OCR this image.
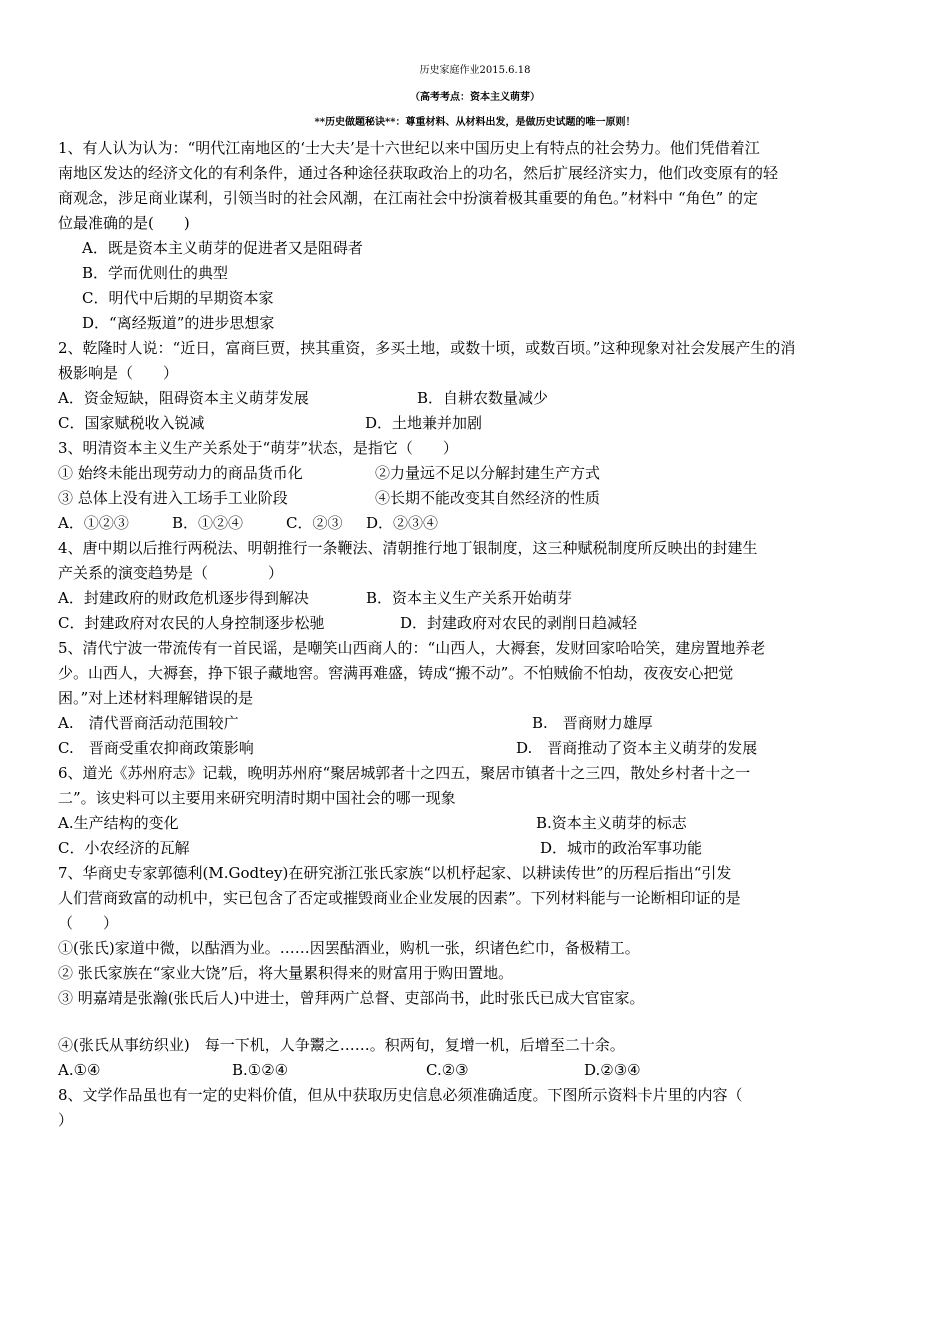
历史家庭作业2015.6.18
（高考考点：资本主义萌芽）
**历史做题秘诀**：尊重材料、从材料出发，是做历史试题的唯一原则！
1、有人认为认为：“明代江南地区的‘士大夫’是十六世纪以来中国历史上有特点的社会势力。他们凭借着江
南地区发达的经济文化的有利条件，通过各种途径获取政治上的功名，然后扩展经济实力，他们改变原有的轻
商观念，涉足商业谋利，引领当时的社会风潮，在江南社会中扮演着极其重要的角色。”材料中 “角色” 的定
位最准确的是(　　)
A．既是资本主义萌芽的促进者又是阻碍者
B．学而优则仕的典型
C．明代中后期的早期资本家
D．“离经叛道”的进步思想家
2、乾隆时人说：“近日，富商巨贾，挟其重资，多买土地，或数十顷，或数百顷。”这种现象对社会发展产生的消
极影响是（　　）
A．资金短缺，阻碍资本主义萌芽发展	B．自耕农数量减少
C．国家赋税收入锐减	D．土地兼并加剧
3、明清资本主义生产关系处于“萌芽”状态，是指它（　　）
① 始终未能出现劳动力的商品货币化	②力量远不足以分解封建生产方式
③ 总体上没有进入工场手工业阶段	④长期不能改变其自然经济的性质
A．①②③	B．①②④	C．②③ D．②③④
4、唐中期以后推行两税法、明朝推行一条鞭法、清朝推行地丁银制度，这三种赋税制度所反映出的封建生
产关系的演变趋势是（　　　　）
A．封建政府的财政危机逐步得到解决	B．资本主义生产关系开始萌芽
C．封建政府对农民的人身控制逐步松驰	D．封建政府对农民的剥削日趋减轻
5、清代宁波一带流传有一首民谣，是嘲笑山西商人的：“山西人，大褥套，发财回家哈哈笑，建房置地养老
少。山西人，大褥套，挣下银子藏地窖。窖满再难盛，铸成“搬不动”。不怕贼偷不怕劫，夜夜安心把觉
困。”对上述材料理解错误的是
A.　清代晋商活动范围较广	B.　晋商财力雄厚
C.　晋商受重农抑商政策影响	D.　晋商推动了资本主义萌芽的发展
6、道光《苏州府志》记载，晚明苏州府“聚居城郭者十之四五，聚居市镇者十之三四，散处乡村者十之一
二”。该史料可以主要用来研究明清时期中国社会的哪一现象
A.生产结构的变化	B.资本主义萌芽的标志
C．小农经济的瓦解	D．城市的政治军事功能
7、华商史专家郭德利(M.Godtey)在研究浙江张氏家族“以机杼起家、以耕读传世”的历程后指出“引发
人们营商致富的动机中，实已包含了否定或摧毁商业企业发展的因素”。下列材料能与一论断相印证的是
（　　）
①(张氏)家道中微，以酤酒为业。……因罢酤酒业，购机一张，织诸色纻巾，备极精工。
② 张氏家族在“家业大饶”后，将大量累积得来的财富用于购田置地。
③ 明嘉靖是张瀚(张氏后人)中进士，曾拜两广总督、吏部尚书，此时张氏已成大官宦家。
④(张氏从事纺织业)　每一下机，人争鬻之……。积两旬，复增一机，后增至二十余。
A.①④	B.①②④	C.②③	D.②③④
8、文学作品虽也有一定的史料价值，但从中获取历史信息必须准确适度。下图所示资料卡片里的内容（
）
